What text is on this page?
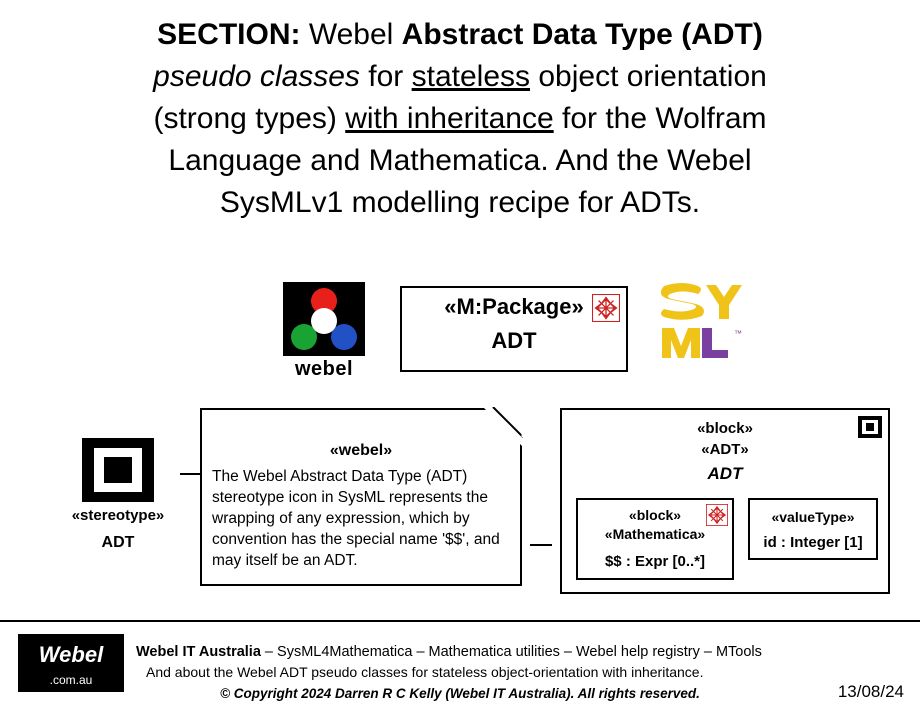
SECTION: Webel Abstract Data Type (ADT)
pseudo classes for stateless object orientation
(strong types) with inheritance for the Wolfram
Language and Mathematica. And the Webel
SysMLv1 modelling recipe for ADTs.
webel
«M:Package»
ADT	™
«stereotype»
ADT
«webel»
The Webel Abstract Data Type (ADT) stereotype icon in SysML represents the wrapping of any expression, which by convention has the special name '$$', and may itself be an ADT.
«block»
«ADT»
ADT
«block»
«Mathematica»
$$ : Expr [0..*]
«valueType»
id : Integer [1]
Webel
.com.au
Webel IT Australia – SysML4Mathematica – Mathematica utilities – Webel help registry – MTools
And about the Webel ADT pseudo classes for stateless object-orientation with inheritance.
© Copyright 2024 Darren R C Kelly (Webel IT Australia). All rights reserved.	13/08/24
